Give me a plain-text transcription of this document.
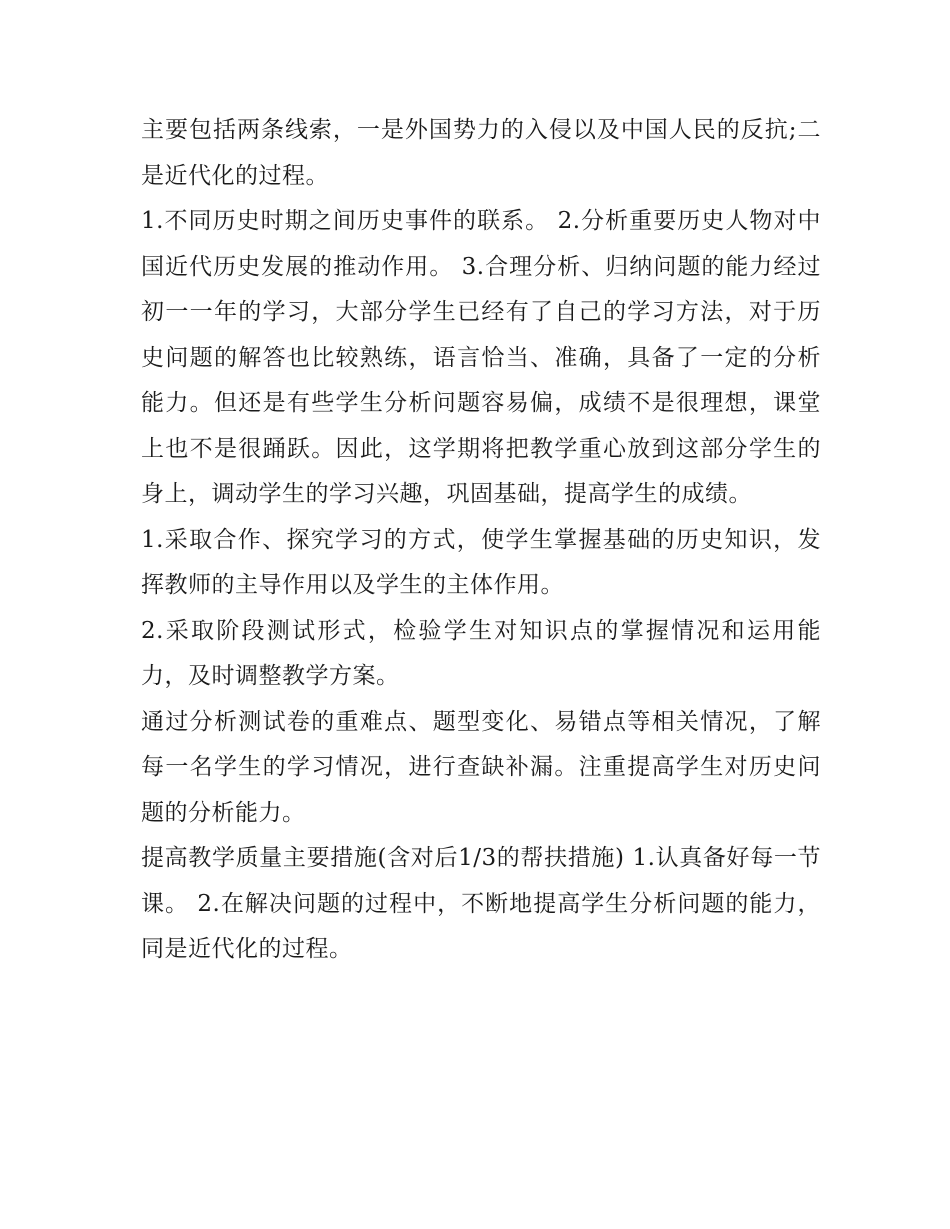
主要包括两条线索，一是外国势力的入侵以及中国人民的反抗;二是近代化的过程。

1.不同历史时期之间历史事件的联系。 2.分析重要历史人物对中国近代历史发展的推动作用。 3.合理分析、归纳问题的能力经过初一一年的学习，大部分学生已经有了自己的学习方法，对于历史问题的解答也比较熟练，语言恰当、准确，具备了一定的分析能力。但还是有些学生分析问题容易偏，成绩不是很理想，课堂上也不是很踊跃。因此，这学期将把教学重心放到这部分学生的身上，调动学生的学习兴趣，巩固基础，提高学生的成绩。

1.采取合作、探究学习的方式，使学生掌握基础的历史知识，发挥教师的主导作用以及学生的主体作用。

2.采取阶段测试形式，检验学生对知识点的掌握情况和运用能力，及时调整教学方案。

通过分析测试卷的重难点、题型变化、易错点等相关情况，了解每一名学生的学习情况，进行查缺补漏。注重提高学生对历史问题的分析能力。

提高教学质量主要措施(含对后1/3的帮扶措施) 1.认真备好每一节课。 2.在解决问题的过程中，不断地提高学生分析问题的能力，同是近代化的过程。
